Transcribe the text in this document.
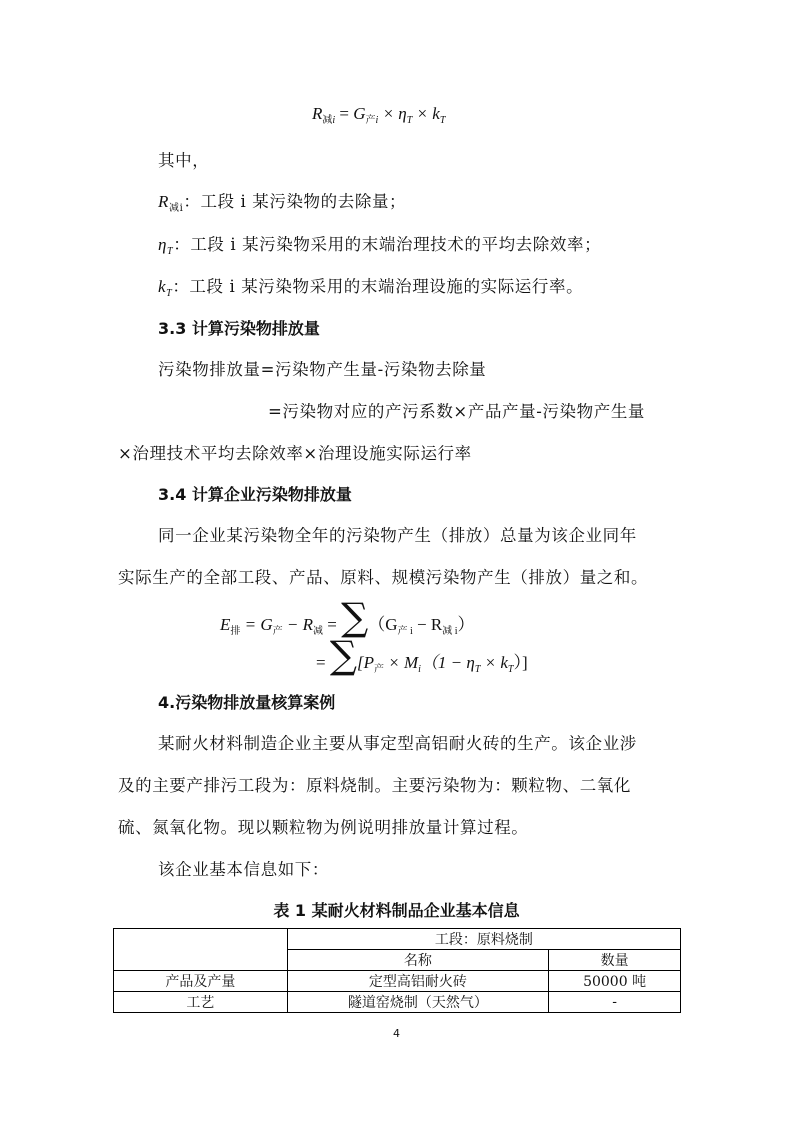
$R_{减i} = G_{产i} \times \eta_T \times k_T$
其中，
$R_{减i}$：工段 i 某污染物的去除量；
$\eta_T$：工段 i 某污染物采用的末端治理技术的平均去除效率；
$k_T$：工段 i 某污染物采用的末端治理设施的实际运行率。
3.3 计算污染物排放量
污染物排放量=污染物产生量-污染物去除量
=污染物对应的产污系数×产品产量-污染物产生量
×治理技术平均去除效率×治理设施实际运行率
3.4 计算企业污染物排放量
同一企业某污染物全年的污染物产生（排放）总量为该企业同年
实际生产的全部工段、产品、原料、规模污染物产生（排放）量之和。
$E_排 = G_产 - R_减 = \sum(G_{产 i} - R_{减 i})$
= $\sum[P_产 \times M_i(1 - \eta_T \times k_T)]$
4.污染物排放量核算案例
某耐火材料制造企业主要从事定型高铝耐火砖的生产。该企业涉
及的主要产排污工段为：原料烧制。主要污染物为：颗粒物、二氧化
硫、氮氧化物。现以颗粒物为例说明排放量计算过程。
该企业基本信息如下：
表 1 某耐火材料制品企业基本信息
	工段：原料烧制	
	名称	数量
产品及产量	定型高铝耐火砖	50000 吨
工艺	隧道窑烧制（天然气）	-
4
